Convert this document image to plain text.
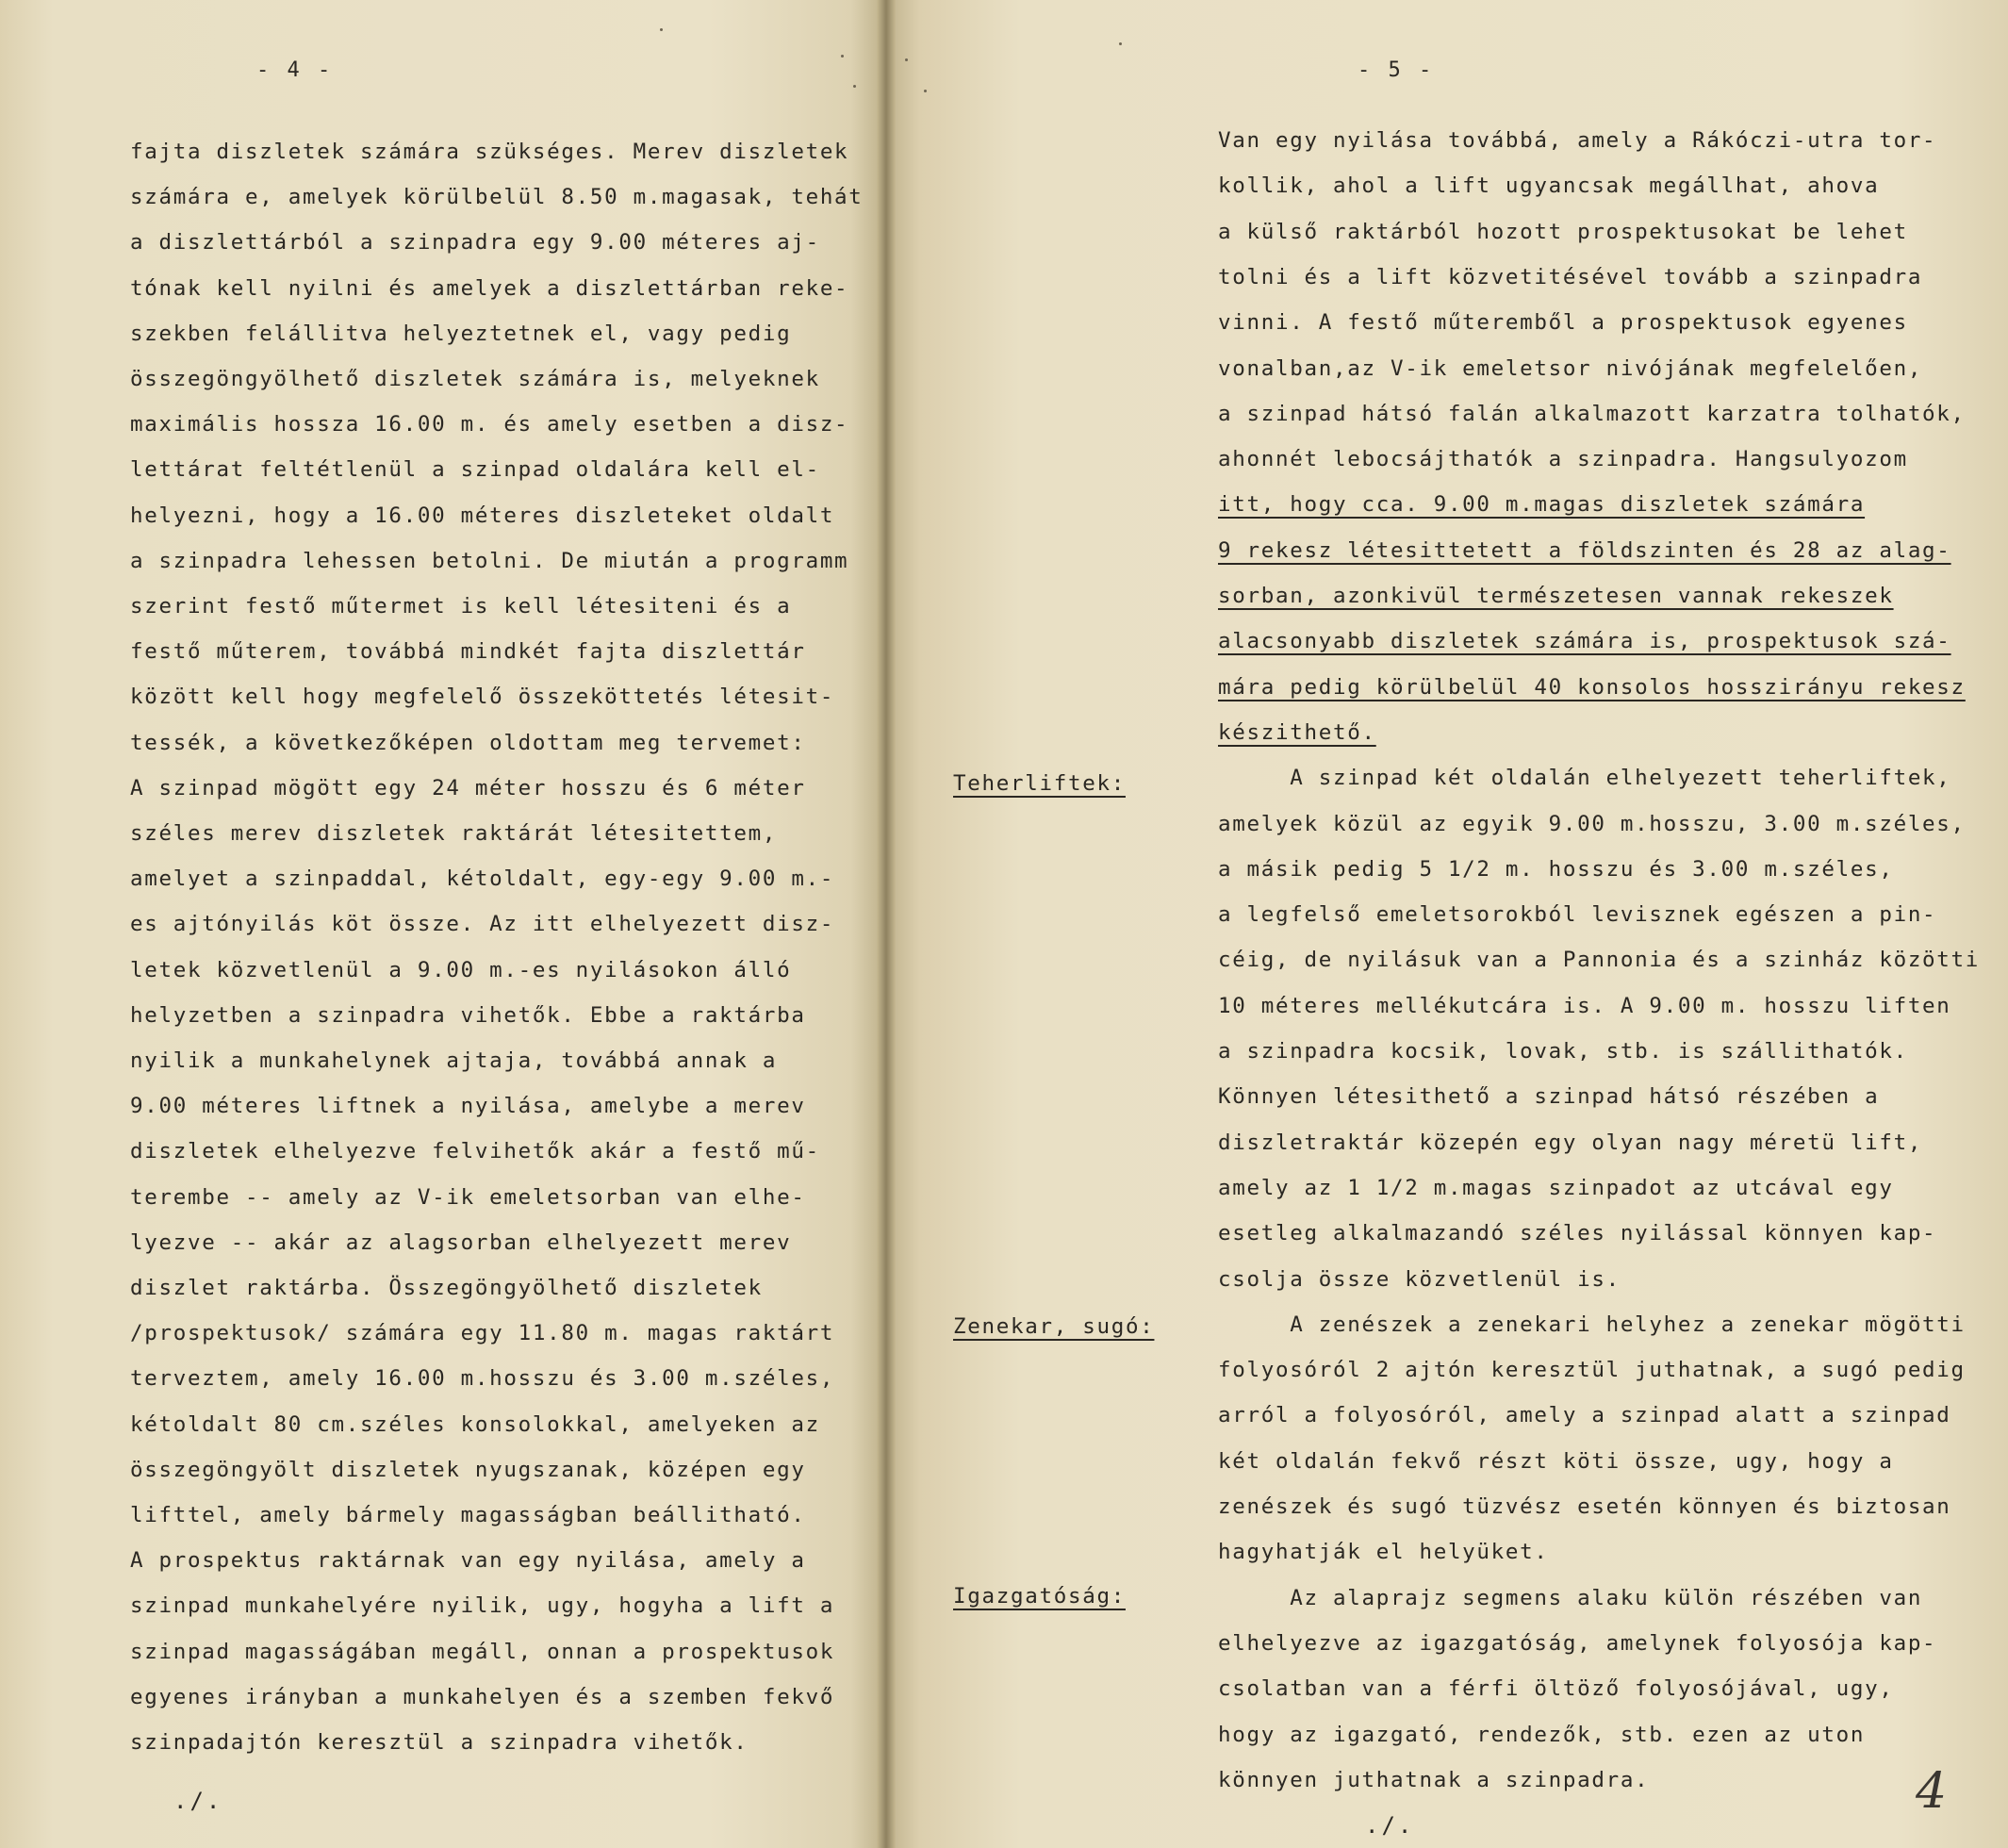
- 4 -
fajta diszletek számára szükséges. Merev diszletek
számára e, amelyek körülbelül 8.50 m.magasak, tehát
a diszlettárból a szinpadra egy 9.00 méteres aj-
tónak kell nyilni és amelyek a diszlettárban reke-
szekben felállitva helyeztetnek el, vagy pedig
összegöngyölhető diszletek számára is, melyeknek
maximális hossza 16.00 m. és amely esetben a disz-
lettárat feltétlenül a szinpad oldalára kell el-
helyezni, hogy a 16.00 méteres diszleteket oldalt
a szinpadra lehessen betolni. De miután a programm
szerint festő műtermet is kell létesiteni és a
festő műterem, továbbá mindkét fajta diszlettár
között kell hogy megfelelő összeköttetés létesit-
tessék, a következőképen oldottam meg tervemet:
A szinpad mögött egy 24 méter hosszu és 6 méter
széles merev diszletek raktárát létesitettem,
amelyet a szinpaddal, kétoldalt, egy-egy 9.00 m.-
es ajtónyilás köt össze. Az itt elhelyezett disz-
letek közvetlenül a 9.00 m.-es nyilásokon álló
helyzetben a szinpadra vihetők. Ebbe a raktárba
nyilik a munkahelynek ajtaja, továbbá annak a
9.00 méteres liftnek a nyilása, amelybe a merev
diszletek elhelyezve felvihetők akár a festő mű-
terembe -- amely az V-ik emeletsorban van elhe-
lyezve -- akár az alagsorban elhelyezett merev
diszlet raktárba. Összegöngyölhető diszletek
/prospektusok/ számára egy 11.80 m. magas raktárt
terveztem, amely 16.00 m.hosszu és 3.00 m.széles,
kétoldalt 80 cm.széles konsolokkal, amelyeken az
összegöngyölt diszletek nyugszanak, középen egy
lifttel, amely bármely magasságban beállitható.
A prospektus raktárnak van egy nyilása, amely a
szinpad munkahelyére nyilik, ugy, hogyha a lift a
szinpad magasságában megáll, onnan a prospektusok
egyenes irányban a munkahelyen és a szemben fekvő
szinpadajtón keresztül a szinpadra vihetők.
./.
- 5 -
Van egy nyilása továbbá, amely a Rákóczi-utra tor-
kollik, ahol a lift ugyancsak megállhat, ahova
a külső raktárból hozott prospektusokat be lehet
tolni és a lift közvetitésével tovább a szinpadra
vinni. A festő műteremből a prospektusok egyenes
vonalban,az V-ik emeletsor nivójának megfelelően,
a szinpad hátsó falán alkalmazott karzatra tolhatók,
ahonnét lebocsájthatók a szinpadra. Hangsulyozom
itt, hogy cca. 9.00 m.magas diszletek számára
9 rekesz létesittetett a földszinten és 28 az alag-
sorban, azonkivül természetesen vannak rekeszek
alacsonyabb diszletek számára is, prospektusok szá-
mára pedig körülbelül 40 konsolos hosszirányu rekesz
készithető.
A szinpad két oldalán elhelyezett teherliftek,
amelyek közül az egyik 9.00 m.hosszu, 3.00 m.széles,
a másik pedig 5 1/2 m. hosszu és 3.00 m.széles,
a legfelső emeletsorokból levisznek egészen a pin-
céig, de nyilásuk van a Pannonia és a szinház közötti
10 méteres mellékutcára is. A 9.00 m. hosszu liften
a szinpadra kocsik, lovak, stb. is szállithatók.
Könnyen létesithető a szinpad hátsó részében a
diszletraktár közepén egy olyan nagy méretü lift,
amely az 1 1/2 m.magas szinpadot az utcával egy
esetleg alkalmazandó széles nyilással könnyen kap-
csolja össze közvetlenül is.
A zenészek a zenekari helyhez a zenekar mögötti
folyosóról 2 ajtón keresztül juthatnak, a sugó pedig
arról a folyosóról, amely a szinpad alatt a szinpad
két oldalán fekvő részt köti össze, ugy, hogy a
zenészek és sugó tüzvész esetén könnyen és biztosan
hagyhatják el helyüket.
Az alaprajz segmens alaku külön részében van
elhelyezve az igazgatóság, amelynek folyosója kap-
csolatban van a férfi öltöző folyosójával, ugy,
hogy az igazgató, rendezők, stb. ezen az uton
könnyen juthatnak a szinpadra.
Teherliftek:
Zenekar, sugó:
Igazgatóság:
./.
4
